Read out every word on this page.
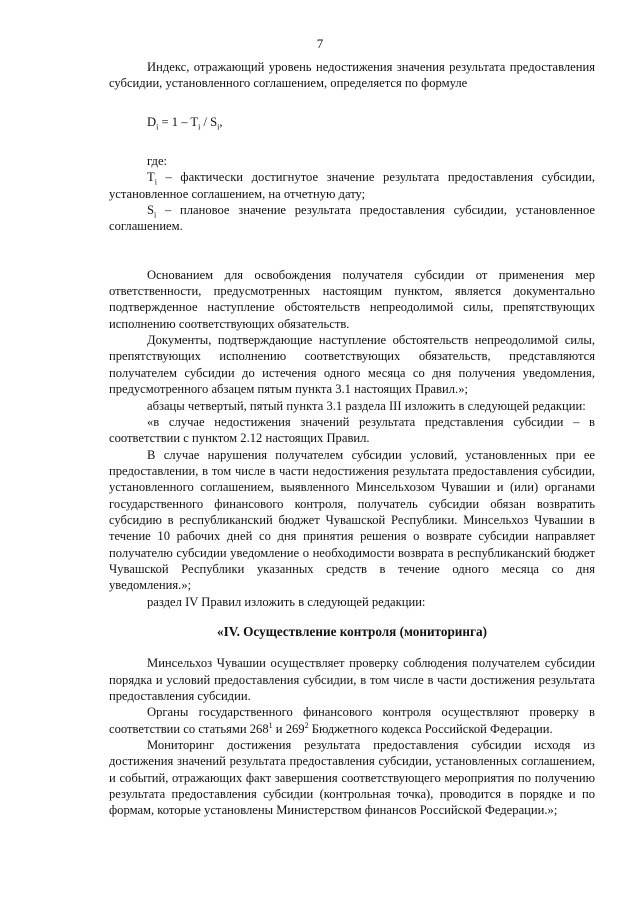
7

Индекс, отражающий уровень недостижения значения результата предоставления субсидии, установленного соглашением, определяется по формуле

$D_i = 1 - T_i / S_i$,

где:

$T_i$ – фактически достигнутое значение результата предоставления субсидии, установленное соглашением, на отчетную дату;

$S_i$ – плановое значение результата предоставления субсидии, установленное соглашением.

Основанием для освобождения получателя субсидии от применения мер ответственности, предусмотренных настоящим пунктом, является документально подтвержденное наступление обстоятельств непреодолимой силы, препятствующих исполнению соответствующих обязательств.

Документы, подтверждающие наступление обстоятельств непреодолимой силы, препятствующих исполнению соответствующих обязательств, представляются получателем субсидии до истечения одного месяца со дня получения уведомления, предусмотренного абзацем пятым пункта 3.1 настоящих Правил.»;

абзацы четвертый, пятый пункта 3.1 раздела III изложить в следующей редакции:

«в случае недостижения значений результата представления субсидии – в соответствии с пунктом 2.12 настоящих Правил.

В случае нарушения получателем субсидии условий, установленных при ее предоставлении, в том числе в части недостижения результата предоставления субсидии, установленного соглашением, выявленного Минсельхозом Чувашии и (или) органами государственного финансового контроля, получатель субсидии обязан возвратить субсидию в республиканский бюджет Чувашской Республики. Минсельхоз Чувашии в течение 10 рабочих дней со дня принятия решения о возврате субсидии направляет получателю субсидии уведомление о необходимости возврата в республиканский бюджет Чувашской Республики указанных средств в течение одного месяца со дня уведомления.»;

раздел IV Правил изложить в следующей редакции:

«IV. Осуществление контроля (мониторинга)

Минсельхоз Чувашии осуществляет проверку соблюдения получателем субсидии порядка и условий предоставления субсидии, в том числе в части достижения результата предоставления субсидии.

Органы государственного финансового контроля осуществляют проверку в соответствии со статьями $268^1$ и $269^2$ Бюджетного кодекса Российской Федерации.

Мониторинг достижения результата предоставления субсидии исходя из достижения значений результата предоставления субсидии, установленных соглашением, и событий, отражающих факт завершения соответствующего мероприятия по получению результата предоставления субсидии (контрольная точка), проводится в порядке и по формам, которые установлены Министерством финансов Российской Федерации.»;
